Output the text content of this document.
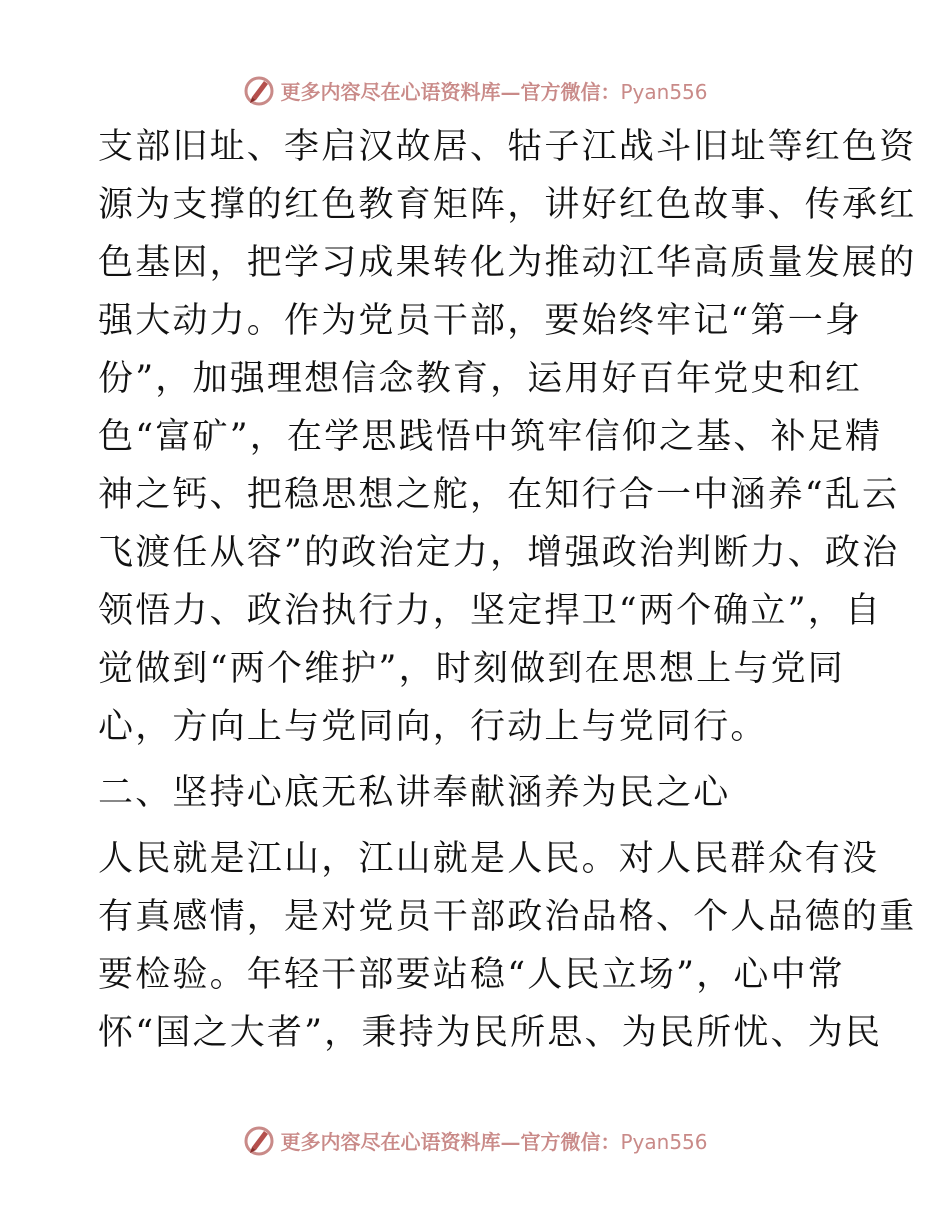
更多内容尽在心语资料库—官方微信：Pyan556
支部旧址、李启汉故居、牯子江战斗旧址等红色资
源为支撑的红色教育矩阵，讲好红色故事、传承红
色基因，把学习成果转化为推动江华高质量发展的
强大动力。作为党员干部，要始终牢记“第一身
份”，加强理想信念教育，运用好百年党史和红
色“富矿”，在学思践悟中筑牢信仰之基、补足精
神之钙、把稳思想之舵，在知行合一中涵养“乱云
飞渡任从容”的政治定力，增强政治判断力、政治
领悟力、政治执行力，坚定捍卫“两个确立”，自
觉做到“两个维护”，时刻做到在思想上与党同
心，方向上与党同向，行动上与党同行。
二、坚持心底无私讲奉献涵养为民之心
人民就是江山，江山就是人民。对人民群众有没
有真感情，是对党员干部政治品格、个人品德的重
要检验。年轻干部要站稳“人民立场”，心中常
怀“国之大者”，秉持为民所思、为民所忧、为民
更多内容尽在心语资料库—官方微信：Pyan556
